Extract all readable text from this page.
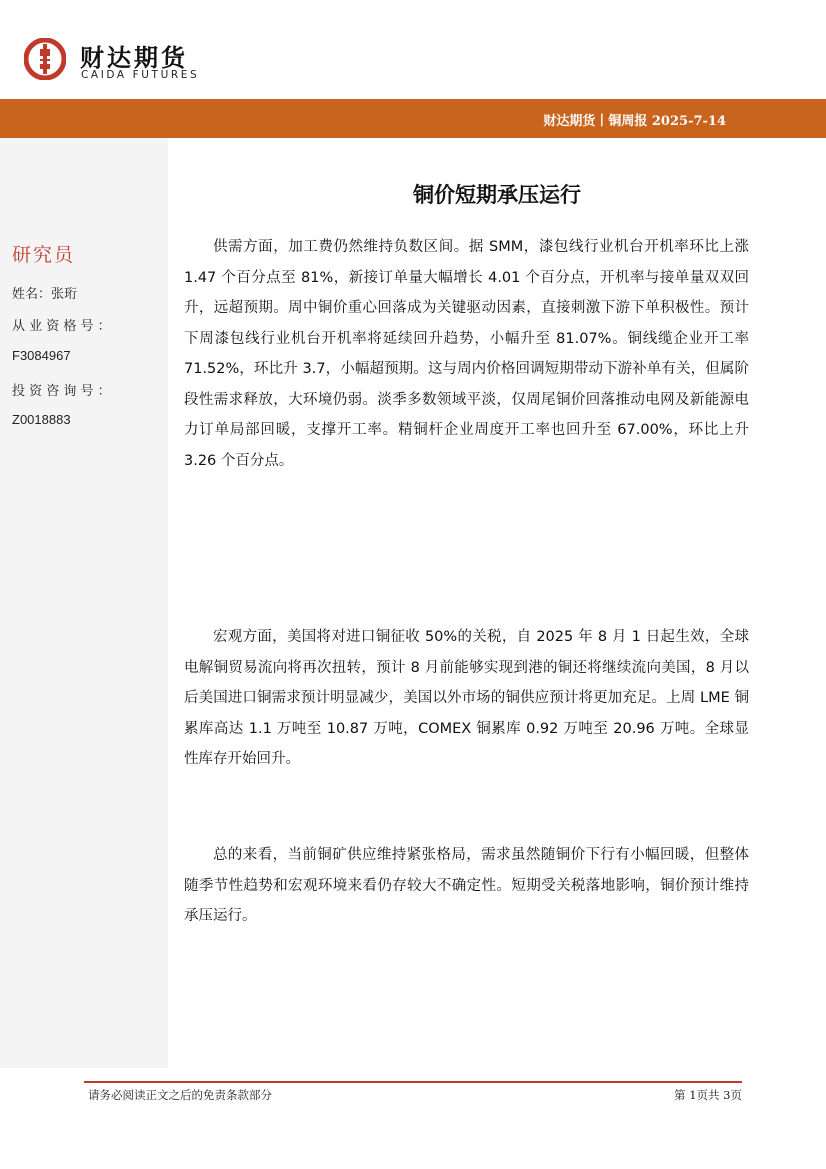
财达期货
CAIDA FUTURES
财达期货丨铜周报 2025-7-14
研究员
姓名：张珩
从 业 资 格 号 ：
F3084967
投 资 咨 询 号 ：
Z0018883
铜价短期承压运行

供需方面，加工费仍然维持负数区间。据 SMM，漆包线行业机台开机率环比上涨 1.47 个百分点至 81%，新接订单量大幅增长 4.01 个百分点，开机率与接单量双双回升，远超预期。周中铜价重心回落成为关键驱动因素，直接刺激下游下单积极性。预计下周漆包线行业机台开机率将延续回升趋势，小幅升至 81.07%。铜线缆企业开工率 71.52%，环比升 3.7，小幅超预期。这与周内价格回调短期带动下游补单有关，但属阶段性需求释放，大环境仍弱。淡季多数领域平淡，仅周尾铜价回落推动电网及新能源电力订单局部回暖，支撑开工率。精铜杆企业周度开工率也回升至 67.00%，环比上升 3.26 个百分点。

宏观方面，美国将对进口铜征收 50%的关税，自 2025 年 8 月 1 日起生效，全球电解铜贸易流向将再次扭转，预计 8 月前能够实现到港的铜还将继续流向美国，8 月以后美国进口铜需求预计明显减少，美国以外市场的铜供应预计将更加充足。上周 LME 铜累库高达 1.1 万吨至 10.87 万吨，COMEX 铜累库 0.92 万吨至 20.96 万吨。全球显性库存开始回升。

总的来看，当前铜矿供应维持紧张格局，需求虽然随铜价下行有小幅回暖，但整体随季节性趋势和宏观环境来看仍存较大不确定性。短期受关税落地影响，铜价预计维持承压运行。

请务必阅读正文之后的免责条款部分	第 1页共 3页
